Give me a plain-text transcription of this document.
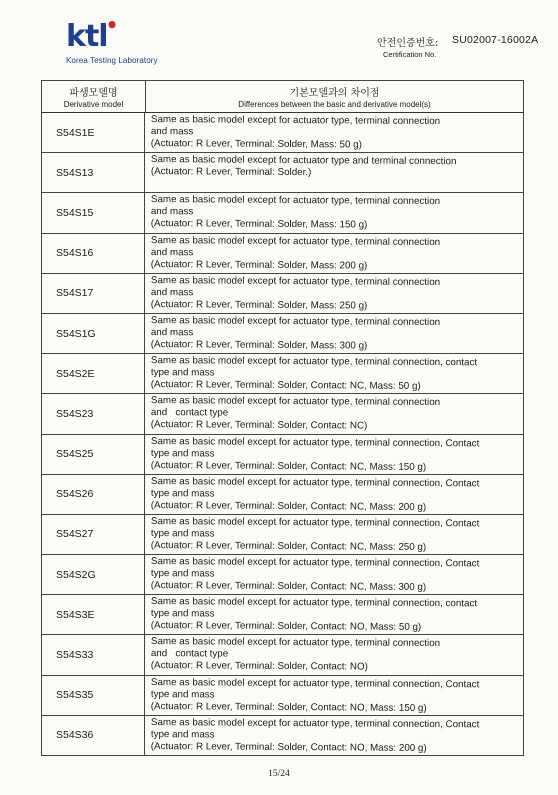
ktl•
Korea Testing Laboratory
안전인증번호:
Certification No.
SU02007-16002A
파생모델명
Derivative model
기본모델과의 차이점
Differences between the basic and derivative model(s)
S54S1E
Same as basic model except for actuator type, terminal connection
and mass
(Actuator: R Lever, Terminal: Solder, Mass: 50 g)
S54S13
Same as basic model except for actuator type and terminal connection
(Actuator: R Lever, Terminal: Solder.)
S54S15
Same as basic model except for actuator type, terminal connection
and mass
(Actuator: R Lever, Terminal: Solder, Mass: 150 g)
S54S16
Same as basic model except for actuator type, terminal connection
and mass
(Actuator: R Lever, Terminal: Solder, Mass: 200 g)
S54S17
Same as basic model except for actuator type, terminal connection
and mass
(Actuator: R Lever, Terminal: Solder, Mass: 250 g)
S54S1G
Same as basic model except for actuator type, terminal connection
and mass
(Actuator: R Lever, Terminal: Solder, Mass: 300 g)
S54S2E
Same as basic model except for actuator type, terminal connection, contact
type and mass
(Actuator: R Lever, Terminal: Solder, Contact: NC, Mass: 50 g)
S54S23
Same as basic model except for actuator type, terminal connection
and   contact type
(Actuator: R Lever, Terminal: Solder, Contact: NC)
S54S25
Same as basic model except for actuator type, terminal connection, Contact
type and mass
(Actuator: R Lever, Terminal: Solder, Contact: NC, Mass: 150 g)
S54S26
Same as basic model except for actuator type, terminal connection, Contact
type and mass
(Actuator: R Lever, Terminal: Solder, Contact: NC, Mass: 200 g)
S54S27
Same as basic model except for actuator type, terminal connection, Contact
type and mass
(Actuator: R Lever, Terminal: Solder, Contact: NC, Mass: 250 g)
S54S2G
Same as basic model except for actuator type, terminal connection, Contact
type and mass
(Actuator: R Lever, Terminal: Solder, Contact: NC, Mass: 300 g)
S54S3E
Same as basic model except for actuator type, terminal connection, contact
type and mass
(Actuator: R Lever, Terminal: Solder, Contact: NO, Mass: 50 g)
S54S33
Same as basic model except for actuator type, terminal connection
and   contact type
(Actuator: R Lever, Terminal: Solder, Contact: NO)
S54S35
Same as basic model except for actuator type, terminal connection, Contact
type and mass
(Actuator: R Lever, Terminal: Solder, Contact: NO, Mass: 150 g)
S54S36
Same as basic model except for actuator type, terminal connection, Contact
type and mass
(Actuator: R Lever, Terminal: Solder, Contact: NO, Mass: 200 g)
15/24
